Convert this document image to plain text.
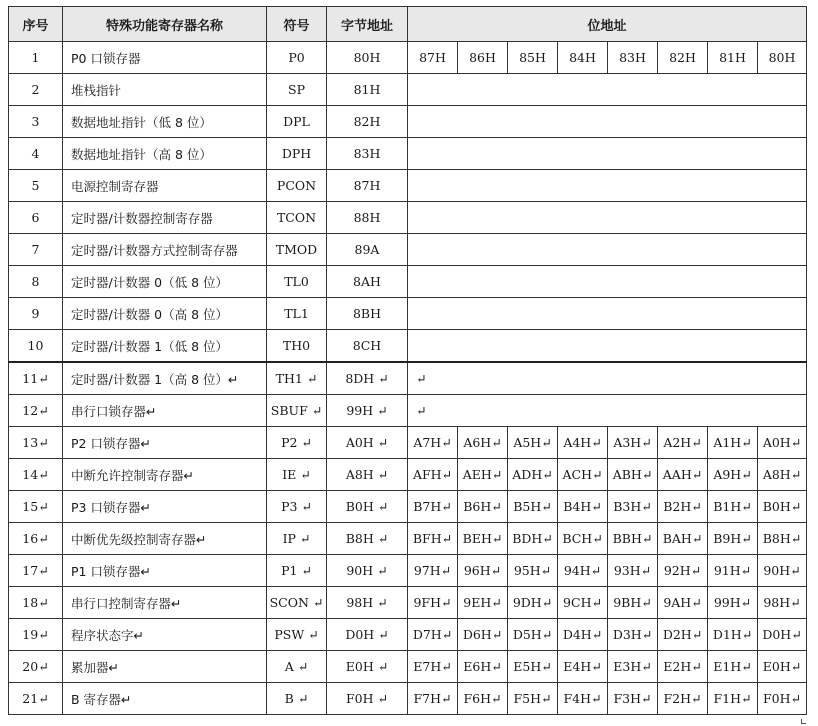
序号	特殊功能寄存器名称	符号	字节地址	位地址							
1	P0 口锁存器	P0	80H	87H	86H	85H	84H	83H	82H	81H	80H
2	堆栈指针	SP	81H								
3	数据地址指针（低 8 位）	DPL	82H								
4	数据地址指针（高 8 位）	DPH	83H								
5	电源控制寄存器	PCON	87H								
6	定时器/计数器控制寄存器	TCON	88H								
7	定时器/计数器方式控制寄存器	TMOD	89A								
8	定时器/计数器 0（低 8 位）	TL0	8AH								
9	定时器/计数器 0（高 8 位）	TL1	8BH								
10	定时器/计数器 1（低 8 位）	TH0	8CH								
11↵	定时器/计数器 1（高 8 位）↵	TH1 ↵	8DH ↵	↵							
12↵	串行口锁存器↵	SBUF ↵	99H ↵	↵							
13↵	P2 口锁存器↵	P2 ↵	A0H ↵	A7H↵	A6H↵	A5H↵	A4H↵	A3H↵	A2H↵	A1H↵	A0H↵
14↵	中断允许控制寄存器↵	IE ↵	A8H ↵	AFH↵	AEH↵	ADH↵	ACH↵	ABH↵	AAH↵	A9H↵	A8H↵
15↵	P3 口锁存器↵	P3 ↵	B0H ↵	B7H↵	B6H↵	B5H↵	B4H↵	B3H↵	B2H↵	B1H↵	B0H↵
16↵	中断优先级控制寄存器↵	IP ↵	B8H ↵	BFH↵	BEH↵	BDH↵	BCH↵	BBH↵	BAH↵	B9H↵	B8H↵
17↵	P1 口锁存器↵	P1 ↵	90H ↵	97H↵	96H↵	95H↵	94H↵	93H↵	92H↵	91H↵	90H↵
18↵	串行口控制寄存器↵	SCON ↵	98H ↵	9FH↵	9EH↵	9DH↵	9CH↵	9BH↵	9AH↵	99H↵	98H↵
19↵	程序状态字↵	PSW ↵	D0H ↵	D7H↵	D6H↵	D5H↵	D4H↵	D3H↵	D2H↵	D1H↵	D0H↵
20↵	累加器↵	A ↵	E0H ↵	E7H↵	E6H↵	E5H↵	E4H↵	E3H↵	E2H↵	E1H↵	E0H↵
21↵	B 寄存器↵	B ↵	F0H ↵	F7H↵	F6H↵	F5H↵	F4H↵	F3H↵	F2H↵	F1H↵	F0H↵
